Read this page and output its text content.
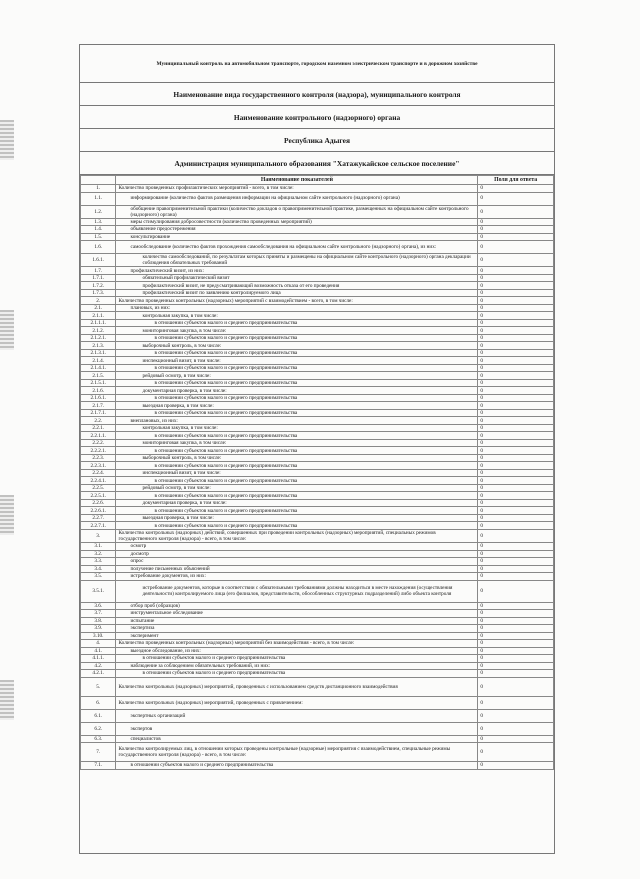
Муниципальный контроль на автомобильном транспорте, городском наземном электрическом транспорте и в дорожном хозяйстве
Наименование вида государственного контроля (надзора), муниципального контроля
Наименование контрольного (надзорного) органа
Республика Адыгея
Администрация муниципального образования "Хатажукайское сельское поселение"
	Наименование показателей	Поля для ответа
1.	Количество проведенных профилактических мероприятий - всего, в том числе:	0
1.1.	информирование (количество фактов размещения информации на официальном сайте контрольного (надзорного) органа)	0
1.2.	обобщение правоприменительной практики (количество докладов о правоприменительной практике, размещенных на официальном сайте контрольного (надзорного) органа)	0
1.3.	меры стимулирования добросовестности (количество проведенных мероприятий)	0
1.4.	объявление предостережения	0
1.5.	консультирование	0
1.6.	самообследование (количество фактов прохождения самообследования на официальном сайте контрольного (надзорного) органа), из них:	0
1.6.1.	количество самообследований, по результатам которых приняты и размещены на официальном сайте контрольного (надзорного) органа декларации соблюдения обязательных требований	0
1.7.	профилактический визит, из них:	0
1.7.1.	обязательный профилактический визит	0
1.7.2.	профилактический визит, не предусматривающий возможность отказа от его проведения	0
1.7.3.	профилактический визит по заявлению контролируемого лица	0
2.	Количество проведенных контрольных (надзорных) мероприятий с взаимодействием - всего, в том числе:	0
2.1.	плановых, из них:	0
2.1.1.	контрольная закупка, в том числе:	0
2.1.1.1.	в отношении субъектов малого и среднего предпринимательства	0
2.1.2.	мониторинговая закупка, в том числе:	0
2.1.2.1.	в отношении субъектов малого и среднего предпринимательства	0
2.1.3.	выборочный контроль, в том числе:	0
2.1.3.1.	в отношении субъектов малого и среднего предпринимательства	0
2.1.4.	инспекционный визит, в том числе:	0
2.1.4.1.	в отношении субъектов малого и среднего предпринимательства	0
2.1.5.	рейдовый осмотр, в том числе:	0
2.1.5.1.	в отношении субъектов малого и среднего предпринимательства	0
2.1.6.	документарная проверка, в том числе:	0
2.1.6.1.	в отношении субъектов малого и среднего предпринимательства	0
2.1.7.	выездная проверка, в том числе:	0
2.1.7.1.	в отношении субъектов малого и среднего предпринимательства	0
2.2.	внеплановых, из них:	0
2.2.1.	контрольная закупка, в том числе:	0
2.2.1.1.	в отношении субъектов малого и среднего предпринимательства	0
2.2.2.	мониторинговая закупка, в том числе:	0
2.2.2.1.	в отношении субъектов малого и среднего предпринимательства	0
2.2.3.	выборочный контроль, в том числе:	0
2.2.3.1.	в отношении субъектов малого и среднего предпринимательства	0
2.2.4.	инспекционный визит, в том числе:	0
2.2.4.1.	в отношении субъектов малого и среднего предпринимательства	0
2.2.5.	рейдовый осмотр, в том числе:	0
2.2.5.1.	в отношении субъектов малого и среднего предпринимательства	0
2.2.6.	документарная проверка, в том числе:	0
2.2.6.1.	в отношении субъектов малого и среднего предпринимательства	0
2.2.7.	выездная проверка, в том числе:	0
2.2.7.1.	в отношении субъектов малого и среднего предпринимательства	0
3.	Количество контрольных (надзорных) действий, совершенных при проведении контрольных (надзорных) мероприятий, специальных режимов государственного контроля (надзора) - всего, в том числе:	0
3.1.	осмотр	0
3.2.	досмотр	0
3.3.	опрос	0
3.4.	получение письменных объяснений	0
3.5.	истребование документов, из них:	0
3.5.1.	истребование документов, которые в соответствии с обязательными требованиями должны находиться в месте нахождения (осуществления деятельности) контролируемого лица (его филиалов, представительств, обособленных структурных подразделений) либо объекта контроля	0
3.6.	отбор проб (образцов)	0
3.7.	инструментальное обследование	0
3.8.	испытание	0
3.9.	экспертиза	0
3.10.	эксперимент	0
4.	Количество проведенных контрольных (надзорных) мероприятий без взаимодействия - всего, в том числе:	0
4.1.	выездное обследование, из них:	0
4.1.1.	в отношении субъектов малого и среднего предпринимательства	0
4.2.	наблюдение за соблюдением обязательных требований, из них:	0
4.2.1.	в отношении субъектов малого и среднего предпринимательства	0
5.	Количество контрольных (надзорных) мероприятий, проведенных с использованием средств дистанционного взаимодействия	0
6.	Количество контрольных (надзорных) мероприятий, проведенных с привлечением:	0
6.1.	экспертных организаций	0
6.2.	экспертов	0
6.3.	специалистов	0
7.	Количество контролируемых лиц, в отношении которых проведены контрольные (надзорные) мероприятия с взаимодействием, специальные режимы государственного контроля (надзора) - всего, в том числе:	0
7.1.	в отношении субъектов малого и среднего предпринимательства	0
